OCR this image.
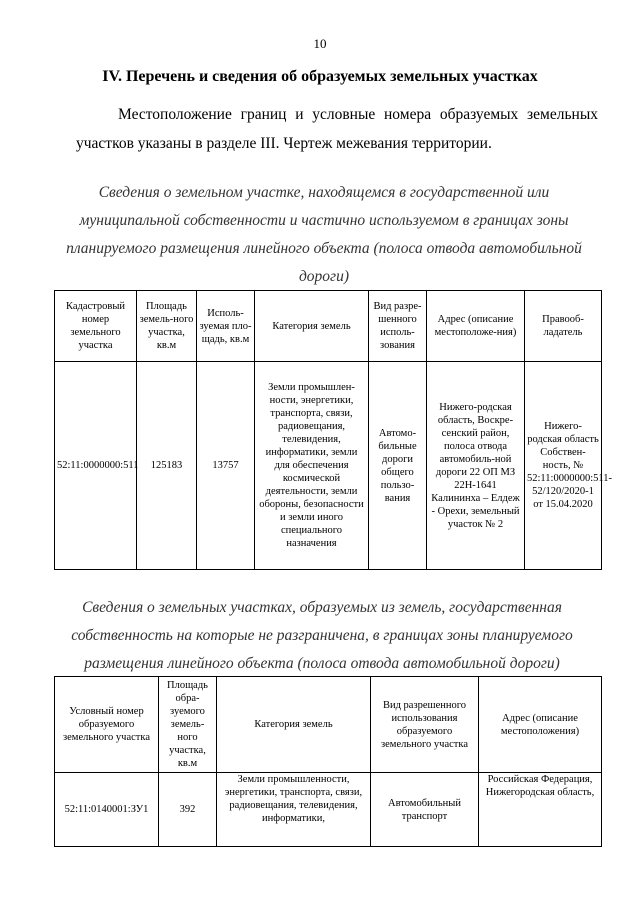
10
IV. Перечень и сведения об образуемых земельных участках

Местоположение границ и условные номера образуемых земельных участков указаны в разделе III. Чертеж межевания территории.

Сведения о земельном участке, находящемся в государственной или муниципальной собственности и частично используемом в границах зоны планируемого размещения линейного объекта (полоса отвода автомобильной дороги)

Кадастровый номер земельного участка	Площадь земель-ного участка, кв.м	Исполь-зуемая пло-щадь, кв.м	Категория земель	Вид разре-шенного исполь-зования	Адрес (описание местоположе-ния)	Правооб-ладатель
52:11:0000000:511	125183	13757	Земли промышлен-ности, энергетики, транспорта, связи, радиовещания, телевидения, информатики, земли для обеспечения космической деятельности, земли обороны, безопасности и земли иного специального назначения	Автомо-бильные дороги общего пользо-вания	Нижего-родская область, Воскре-сенский район, полоса отвода автомобиль-ной дороги 22 ОП МЗ 22Н-1641 Калининха – Елдеж - Орехи, земельный участок № 2	Нижего-родская область Собствен-ность, № 52:11:0000000:511-52/120/2020-1 от 15.04.2020

Сведения о земельных участках, образуемых из земель, государственная собственность на которые не разграничена, в границах зоны планируемого размещения линейного объекта (полоса отвода автомобильной дороги)

Условный номер образуемого земельного участка	Площадь обра-зуемого земель-ного участка, кв.м	Категория земель	Вид разрешенного использования образуемого земельного участка	Адрес (описание местоположения)
52:11:0140001:ЗУ1	392	Земли промышленности, энергетики, транспорта, связи, радиовещания, телевидения, информатики,	Автомобильный транспорт	Российская Федерация, Нижегородская область,
